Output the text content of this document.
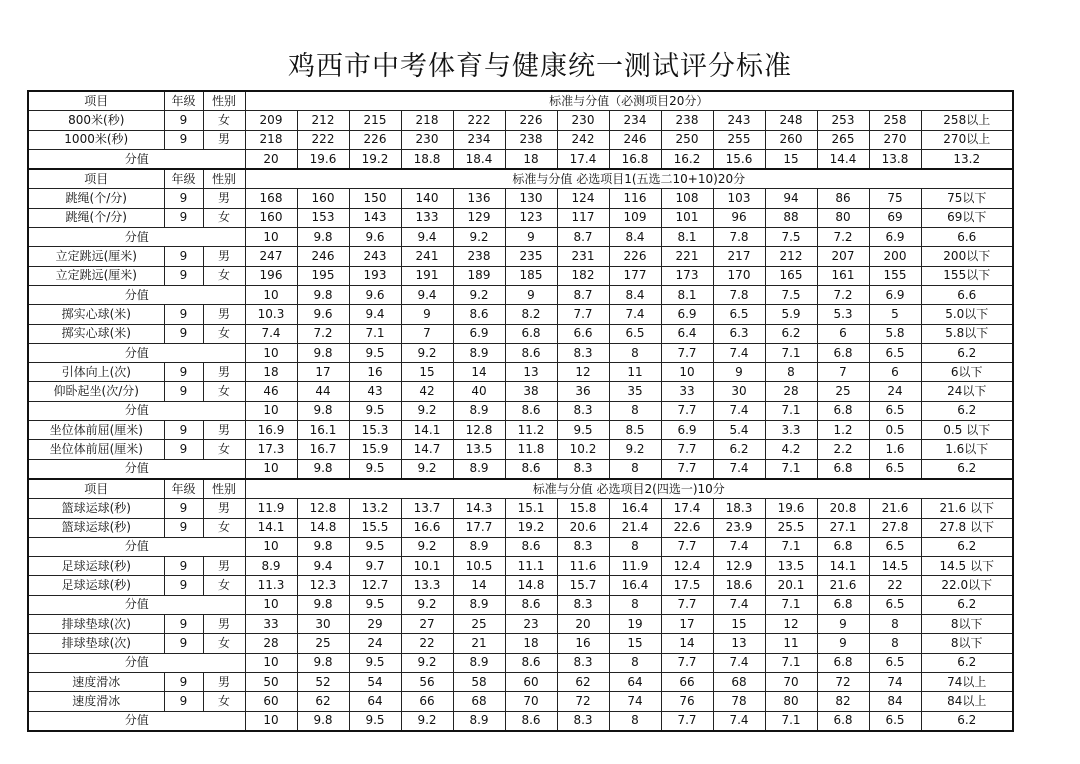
鸡西市中考体育与健康统一测试评分标准
项目	年级	性别	标准与分值（必测项目20分）													
800米(秒)	9	女	209	212	215	218	222	226	230	234	238	243	248	253	258	258以上
1000米(秒)	9	男	218	222	226	230	234	238	242	246	250	255	260	265	270	270以上
分值			20	19.6	19.2	18.8	18.4	18	17.4	16.8	16.2	15.6	15	14.4	13.8	13.2
项目	年级	性别	标准与分值 必选项目1(五选二10+10)20分													
跳绳(个/分)	9	男	168	160	150	140	136	130	124	116	108	103	94	86	75	75以下
跳绳(个/分)	9	女	160	153	143	133	129	123	117	109	101	96	88	80	69	69以下
分值			10	9.8	9.6	9.4	9.2	9	8.7	8.4	8.1	7.8	7.5	7.2	6.9	6.6
立定跳远(厘米)	9	男	247	246	243	241	238	235	231	226	221	217	212	207	200	200以下
立定跳远(厘米)	9	女	196	195	193	191	189	185	182	177	173	170	165	161	155	155以下
分值			10	9.8	9.6	9.4	9.2	9	8.7	8.4	8.1	7.8	7.5	7.2	6.9	6.6
掷实心球(米)	9	男	10.3	9.6	9.4	9	8.6	8.2	7.7	7.4	6.9	6.5	5.9	5.3	5	5.0以下
掷实心球(米)	9	女	7.4	7.2	7.1	7	6.9	6.8	6.6	6.5	6.4	6.3	6.2	6	5.8	5.8以下
分值			10	9.8	9.5	9.2	8.9	8.6	8.3	8	7.7	7.4	7.1	6.8	6.5	6.2
引体向上(次)	9	男	18	17	16	15	14	13	12	11	10	9	8	7	6	6以下
仰卧起坐(次/分)	9	女	46	44	43	42	40	38	36	35	33	30	28	25	24	24以下
分值			10	9.8	9.5	9.2	8.9	8.6	8.3	8	7.7	7.4	7.1	6.8	6.5	6.2
坐位体前屈(厘米)	9	男	16.9	16.1	15.3	14.1	12.8	11.2	9.5	8.5	6.9	5.4	3.3	1.2	0.5	0.5 以下
坐位体前屈(厘米)	9	女	17.3	16.7	15.9	14.7	13.5	11.8	10.2	9.2	7.7	6.2	4.2	2.2	1.6	1.6以下
分值			10	9.8	9.5	9.2	8.9	8.6	8.3	8	7.7	7.4	7.1	6.8	6.5	6.2
项目	年级	性别	标准与分值 必选项目2(四选一)10分													
篮球运球(秒)	9	男	11.9	12.8	13.2	13.7	14.3	15.1	15.8	16.4	17.4	18.3	19.6	20.8	21.6	21.6 以下
篮球运球(秒)	9	女	14.1	14.8	15.5	16.6	17.7	19.2	20.6	21.4	22.6	23.9	25.5	27.1	27.8	27.8 以下
分值			10	9.8	9.5	9.2	8.9	8.6	8.3	8	7.7	7.4	7.1	6.8	6.5	6.2
足球运球(秒)	9	男	8.9	9.4	9.7	10.1	10.5	11.1	11.6	11.9	12.4	12.9	13.5	14.1	14.5	14.5 以下
足球运球(秒)	9	女	11.3	12.3	12.7	13.3	14	14.8	15.7	16.4	17.5	18.6	20.1	21.6	22	22.0以下
分值			10	9.8	9.5	9.2	8.9	8.6	8.3	8	7.7	7.4	7.1	6.8	6.5	6.2
排球垫球(次)	9	男	33	30	29	27	25	23	20	19	17	15	12	9	8	8以下
排球垫球(次)	9	女	28	25	24	22	21	18	16	15	14	13	11	9	8	8以下
分值			10	9.8	9.5	9.2	8.9	8.6	8.3	8	7.7	7.4	7.1	6.8	6.5	6.2
速度滑冰	9	男	50	52	54	56	58	60	62	64	66	68	70	72	74	74以上
速度滑冰	9	女	60	62	64	66	68	70	72	74	76	78	80	82	84	84以上
分值			10	9.8	9.5	9.2	8.9	8.6	8.3	8	7.7	7.4	7.1	6.8	6.5	6.2
